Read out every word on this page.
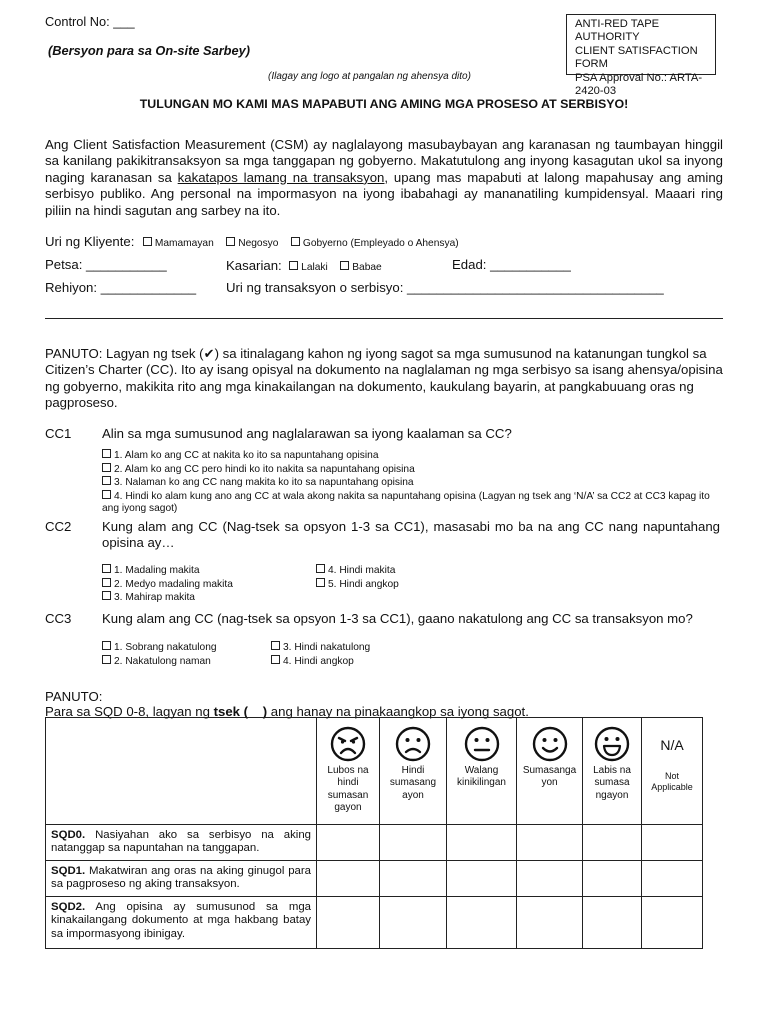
Control No: ___
(Bersyon para sa On-site Sarbey)
(Ilagay ang logo at pangalan ng ahensya dito)
ANTI-RED TAPE AUTHORITY
CLIENT SATISFACTION
FORM
PSA Approval No.: ARTA-
2420-03
TULUNGAN MO KAMI MAS MAPABUTI ANG AMING MGA PROSESO AT SERBISYO!
Ang Client Satisfaction Measurement (CSM) ay naglalayong masubaybayan ang karanasan ng taumbayan hinggil sa kanilang pakikitransaksyon sa mga tanggapan ng gobyerno. Makatutulong ang inyong kasagutan ukol sa inyong naging karanasan sa kakatapos lamang na transaksyon, upang mas mapabuti at lalong mapahusay ang aming serbisyo publiko. Ang personal na impormasyon na iyong ibabahagi ay mananatiling kumpidensyal. Maaari ring piliin na hindi sagutan ang sarbey na ito.
Uri ng Kliyente: Mamamayan Negosyo Gobyerno (Empleyado o Ahensya)
Petsa: ___________	Kasarian: Lalaki Babae	Edad: ___________
Rehiyon: _____________ Uri ng transaksyon o serbisyo: ___________________________________
PANUTO: Lagyan ng tsek (✔) sa itinalagang kahon ng iyong sagot sa mga sumusunod na katanungan tungkol sa Citizen’s Charter (CC). Ito ay isang opisyal na dokumento na naglalaman ng mga serbisyo sa isang ahensya/opisina ng gobyerno, makikita rito ang mga kinakailangan na dokumento, kaukulang bayarin, at pangkabuuang oras ng pagproseso.
CC1 Alin sa mga sumusunod ang naglalarawan sa iyong kaalaman sa CC?
1. Alam ko ang CC at nakita ko ito sa napuntahang opisina
2. Alam ko ang CC pero hindi ko ito nakita sa napuntahang opisina
3. Nalaman ko ang CC nang makita ko ito sa napuntahang opisina
4. Hindi ko alam kung ano ang CC at wala akong nakita sa napuntahang opisina (Lagyan ng tsek ang ‘N/A’ sa CC2 at CC3 kapag ito ang iyong sagot)
CC2 Kung alam ang CC (Nag-tsek sa opsyon 1-3 sa CC1), masasabi mo ba na ang CC nang napuntahang opisina ay…
1. Madaling makita
2. Medyo madaling makita
3. Mahirap makita
4. Hindi makita
5. Hindi angkop
CC3 Kung alam ang CC (nag-tsek sa opsyon 1-3 sa CC1), gaano nakatulong ang CC sa transaksyon mo?
1. Sobrang nakatulong
2. Nakatulong naman
3. Hindi nakatulong
4. Hindi angkop
PANUTO:
Para sa SQD 0-8, lagyan ng tsek (    ) ang hanay na pinakaangkop sa iyong sagot.

	Lubos na hindi sumasan gayon	Hindi sumasang ayon	Walang kinikilingan	Sumasanga yon	Labis na sumasa ngayon	N/A
Not Applicable

SQD0. Nasiyahan ako sa serbisyo na aking natanggap sa napuntahan na tanggapan.						
SQD1. Makatwiran ang oras na aking ginugol para sa pagproseso ng aking transaksyon.						
SQD2. Ang opisina ay sumusunod sa mga kinakailangang dokumento at mga hakbang batay sa impormasyong ibinigay.						
